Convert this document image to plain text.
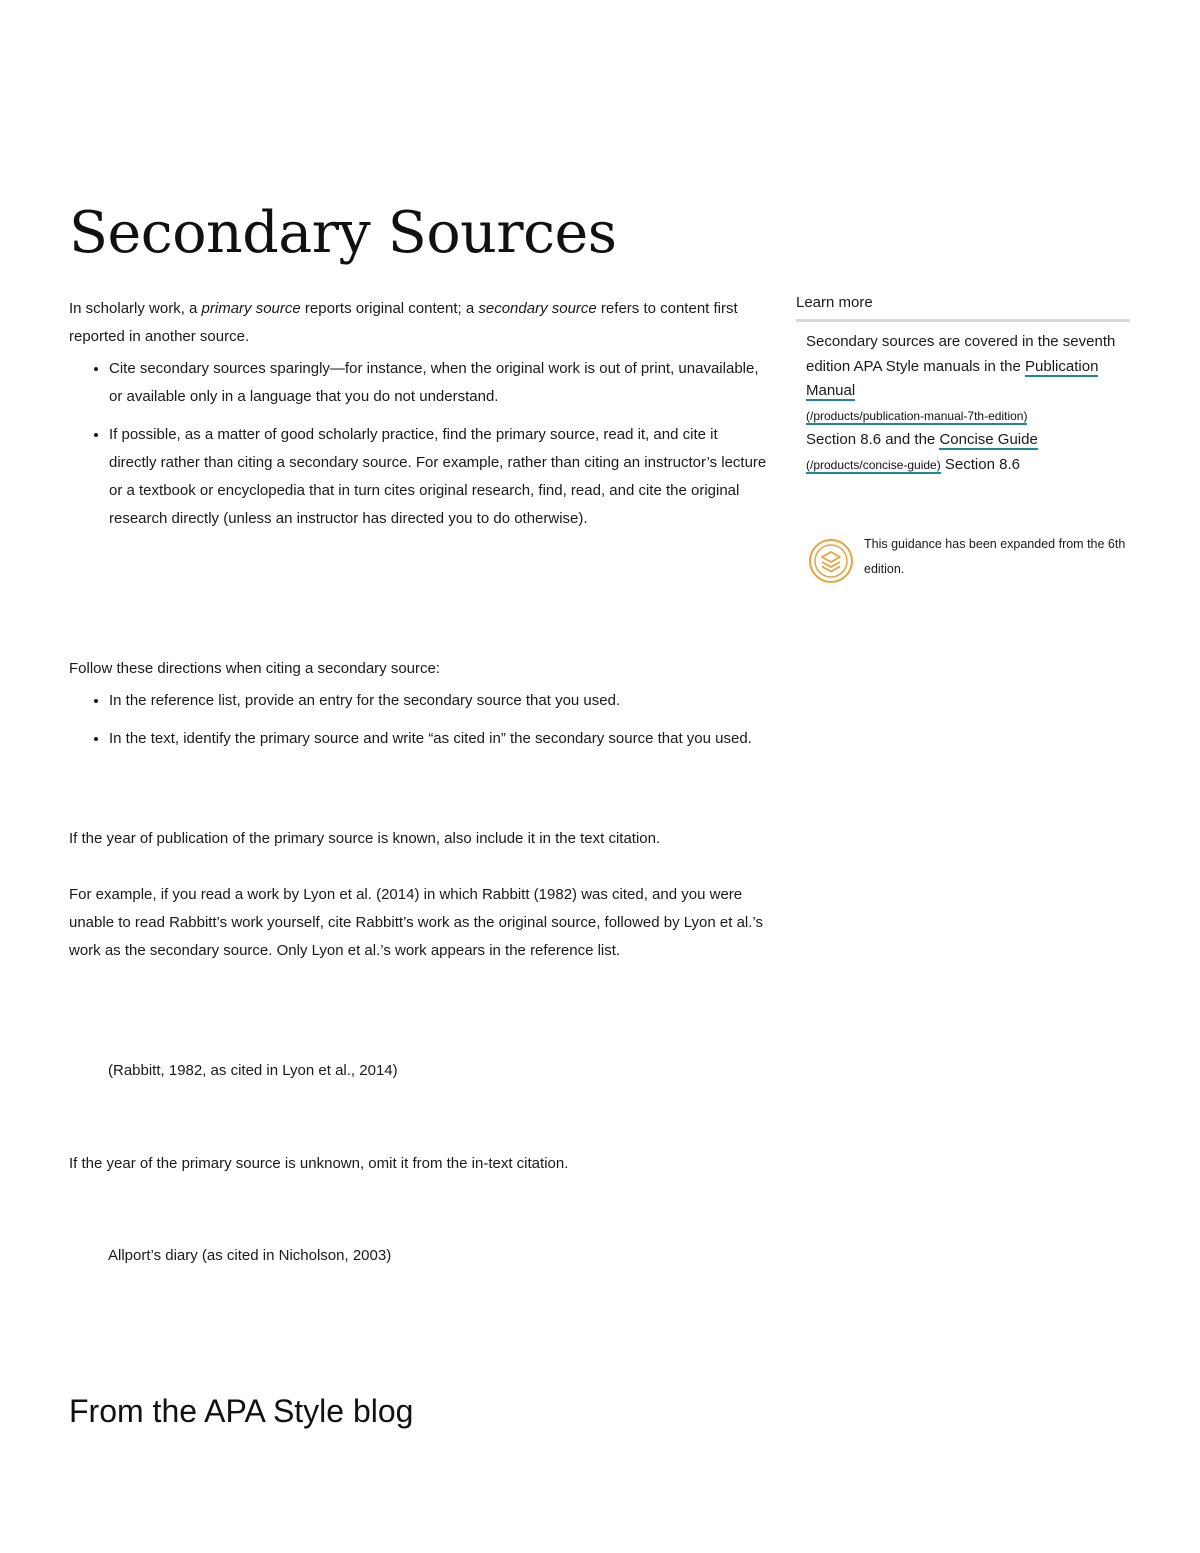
Secondary Sources

In scholarly work, a primary source reports original content; a secondary source refers to content first reported in another source.

• Cite secondary sources sparingly—for instance, when the original work is out of print, unavailable, or available only in a language that you do not understand.
• If possible, as a matter of good scholarly practice, find the primary source, read it, and cite it directly rather than citing a secondary source. For example, rather than citing an instructor’s lecture or a textbook or encyclopedia that in turn cites original research, find, read, and cite the original research directly (unless an instructor has directed you to do otherwise).

Follow these directions when citing a secondary source:

• In the reference list, provide an entry for the secondary source that you used.
• In the text, identify the primary source and write “as cited in” the secondary source that you used.

If the year of publication of the primary source is known, also include it in the text citation.

For example, if you read a work by Lyon et al. (2014) in which Rabbitt (1982) was cited, and you were unable to read Rabbitt’s work yourself, cite Rabbitt’s work as the original source, followed by Lyon et al.’s work as the secondary source. Only Lyon et al.’s work appears in the reference list.

(Rabbitt, 1982, as cited in Lyon et al., 2014)

If the year of the primary source is unknown, omit it from the in-text citation.

Allport’s diary (as cited in Nicholson, 2003)

From the APA Style blog
Learn more
Secondary sources are covered in the seventh edition APA Style manuals in the Publication Manual
(/products/publication-manual-7th-edition)
Section 8.6 and the Concise Guide
(/products/concise-guide) Section 8.6
This guidance has been expanded from the 6th edition.
